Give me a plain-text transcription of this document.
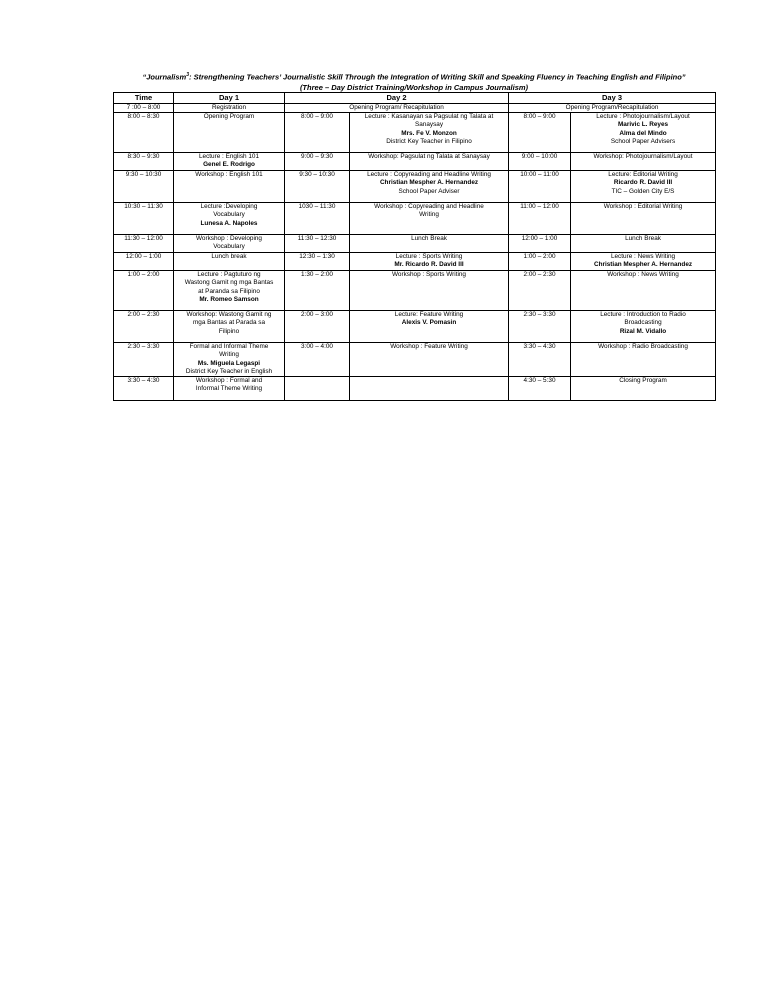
“Journalism$^3$: Strengthening Teachers’ Journalistic Skill Through the Integration of Writing Skill and Speaking Fluency in Teaching English and Filipino”
(Three – Day District Training/Workshop in Campus Journalism)
Time	Day 1	Day 2		Day 3	
7 :00 – 8:00	Registration	Opening Program/ Recapitulation		Opening Program/Recapitulation	
8:00 – 8:30	Opening Program	8:00 – 9:00	Lecture : Kasanayan sa Pagsulat ng Talata at
Sanaysay
Mrs. Fe V. Monzon
District Key Teacher in Filipino	8:00 – 9:00	Lecture : Photojournalism/Layout
Marivic L. Reyes
Alma del Mindo
School Paper Advisers

8:30 – 9:30	Lecture : English 101
Genel E. Rodrigo	9:00 – 9:30	Workshop: Pagsulat ng Talata at Sanaysay	9:00 – 10:00	Workshop: Photojournalism/Layout

9:30 – 10:30	Workshop : English 101	9:30 – 10:30	Lecture : Copyreading and Headline Writing
Christian Mespher A. Hernandez
School Paper Adviser	10:00 – 11:00	Lecture: Editorial Writing
Ricardo R. David III
TIC – Golden City E/S

10:30 – 11:30	Lecture :Developing
Vocabulary
Lunesa A. Napoles	1030 – 11:30	Workshop : Copyreading and Headline
Writing	11:00 – 12:00	Workshop : Editorial Writing

11:30 – 12:00	Workshop : Developing
Vocabulary	11:30 – 12:30	Lunch Break	12:00 – 1:00	Lunch Break

12:00 – 1:00	Lunch break	12:30 – 1:30	Lecture : Sports Writing
Mr. Ricardo R. David III	1:00 – 2:00	Lecture : News Writing
Christian Mespher A. Hernandez

1:00 – 2:00	Lecture : Pagtuturo ng
Wastong Gamit ng mga Bantas
at Paranda sa Filipino
Mr. Romeo Samson	1:30 – 2:00	Workshop : Sports Writing	2:00 – 2:30	Workshop : News Writing

2:00 – 2:30	Workshop: Wastong Gamit ng
mga Bantas at Parada sa
Filipino	2:00 – 3:00	Lecture: Feature Writing
Alexis V. Pomasin	2:30 – 3:30	Lecture : Introduction to Radio
Broadcasting
Rizal M. Vidallo

2:30 – 3:30	Formal and Informal Theme
Writing
Ms. Miguela Legaspi
District Key Teacher in English	3:00 – 4:00	Workshop : Feature Writing	3:30 – 4:30	Workshop : Radio Broadcasting

3:30 – 4:30	Workshop : Formal and
Informal Theme Writing			4:30 – 5:30	Closing Program
